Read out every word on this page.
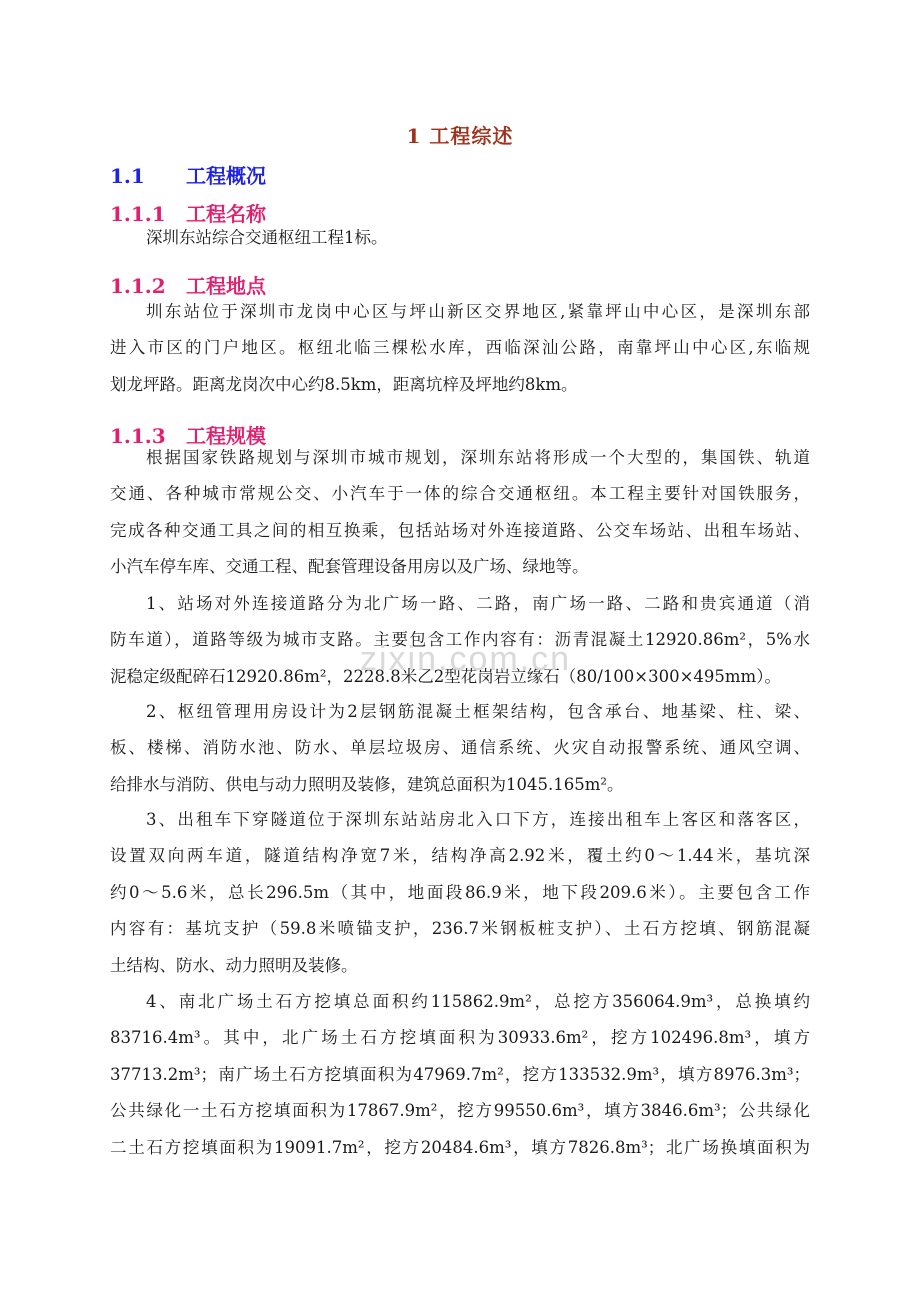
1 工程综述
1.1 工程概况
1.1.1 工程名称
深圳东站综合交通枢纽工程1标。
1.1.2 工程地点
圳东站位于深圳市龙岗中心区与坪山新区交界地区,紧靠坪山中心区，是深圳东部
进入市区的门户地区。枢纽北临三棵松水库，西临深汕公路，南靠坪山中心区,东临规
划龙坪路。距离龙岗次中心约8.5km，距离坑梓及坪地约8km。
1.1.3 工程规模
根据国家铁路规划与深圳市城市规划，深圳东站将形成一个大型的，集国铁、轨道
交通、各种城市常规公交、小汽车于一体的综合交通枢纽。本工程主要针对国铁服务，
完成各种交通工具之间的相互换乘，包括站场对外连接道路、公交车场站、出租车场站、
小汽车停车库、交通工程、配套管理设备用房以及广场、绿地等。
1、站场对外连接道路分为北广场一路、二路，南广场一路、二路和贵宾通道（消
防车道），道路等级为城市支路。主要包含工作内容有：沥青混凝土12920.86m²，5%水
泥稳定级配碎石12920.86m²，2228.8米乙2型花岗岩立缘石（80/100×300×495mm）。
2、枢纽管理用房设计为2层钢筋混凝土框架结构，包含承台、地基梁、柱、梁、
板、楼梯、消防水池、防水、单层垃圾房、通信系统、火灾自动报警系统、通风空调、
给排水与消防、供电与动力照明及装修，建筑总面积为1045.165m²。
3、出租车下穿隧道位于深圳东站站房北入口下方，连接出租车上客区和落客区，
设置双向两车道，隧道结构净宽7米，结构净高2.92米，覆土约0～1.44米，基坑深
约0～5.6米，总长296.5m（其中，地面段86.9米，地下段209.6米）。主要包含工作
内容有：基坑支护（59.8米喷锚支护，236.7米钢板桩支护）、土石方挖填、钢筋混凝
土结构、防水、动力照明及装修。
4、南北广场土石方挖填总面积约115862.9m²，总挖方356064.9m³，总换填约
83716.4m³。其中，北广场土石方挖填面积为30933.6m²，挖方102496.8m³，填方
37713.2m³；南广场土石方挖填面积为47969.7m²，挖方133532.9m³，填方8976.3m³；
公共绿化一土石方挖填面积为17867.9m²，挖方99550.6m³，填方3846.6m³；公共绿化
二土石方挖填面积为19091.7m²，挖方20484.6m³，填方7826.8m³；北广场换填面积为
zixin.com.cn
